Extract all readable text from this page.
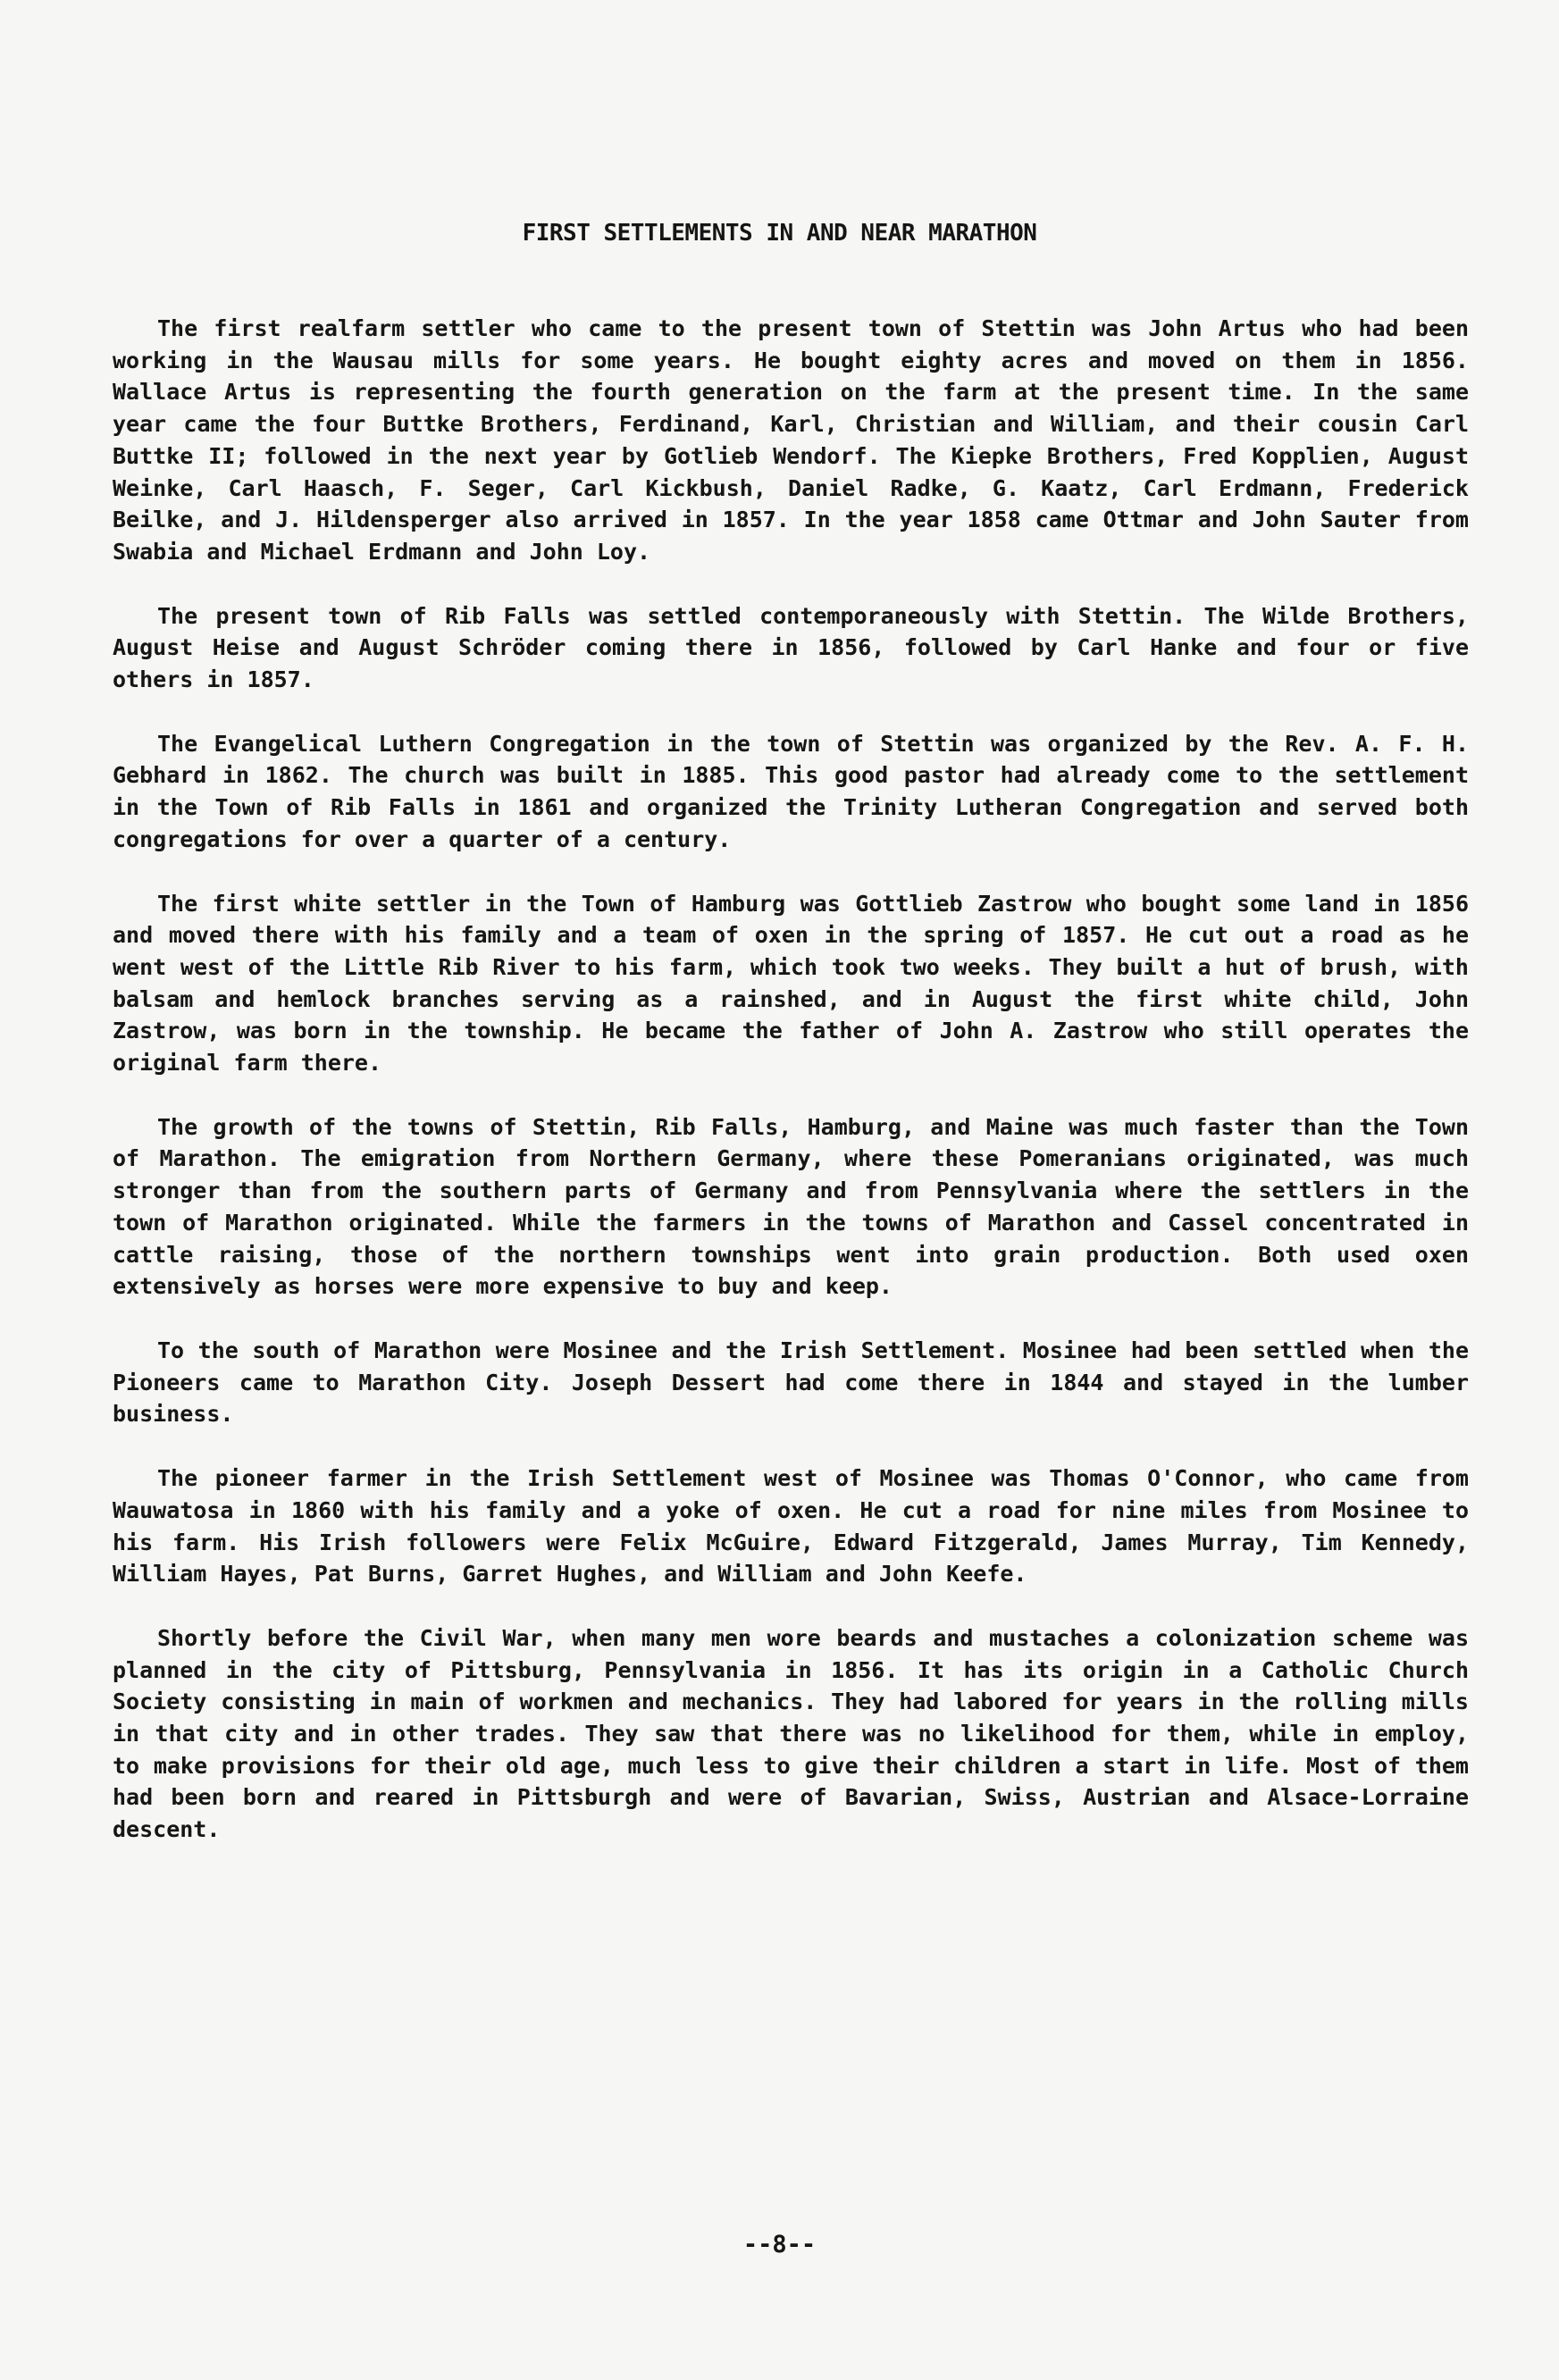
FIRST SETTLEMENTS IN AND NEAR MARATHON

The first realfarm settler who came to the present town of Stettin was John Artus who had been working in the Wausau mills for some years. He bought eighty acres and moved on them in 1856. Wallace Artus is representing the fourth generation on the farm at the present time. In the same year came the four Buttke Brothers, Ferdinand, Karl, Christian and William, and their cousin Carl Buttke II; followed in the next year by Gotlieb Wendorf. The Kiepke Brothers, Fred Kopplien, August Weinke, Carl Haasch, F. Seger, Carl Kickbush, Daniel Radke, G. Kaatz, Carl Erdmann, Frederick Beilke, and J. Hildensperger also arrived in 1857. In the year 1858 came Ottmar and John Sauter from Swabia and Michael Erdmann and John Loy.

The present town of Rib Falls was settled contemporaneously with Stettin. The Wilde Brothers, August Heise and August Schröder coming there in 1856, followed by Carl Hanke and four or five others in 1857.

The Evangelical Luthern Congregation in the town of Stettin was organized by the Rev. A. F. H. Gebhard in 1862. The church was built in 1885. This good pastor had already come to the settlement in the Town of Rib Falls in 1861 and organized the Trinity Lutheran Congregation and served both congregations for over a quarter of a century.

The first white settler in the Town of Hamburg was Gottlieb Zastrow who bought some land in 1856 and moved there with his family and a team of oxen in the spring of 1857. He cut out a road as he went west of the Little Rib River to his farm, which took two weeks. They built a hut of brush, with balsam and hemlock branches serving as a rainshed, and in August the first white child, John Zastrow, was born in the township. He became the father of John A. Zastrow who still operates the original farm there.

The growth of the towns of Stettin, Rib Falls, Hamburg, and Maine was much faster than the Town of Marathon. The emigration from Northern Germany, where these Pomeranians originated, was much stronger than from the southern parts of Germany and from Pennsylvania where the settlers in the town of Marathon originated. While the farmers in the towns of Marathon and Cassel concentrated in cattle raising, those of the northern townships went into grain production. Both used oxen extensively as horses were more expensive to buy and keep.

To the south of Marathon were Mosinee and the Irish Settlement. Mosinee had been settled when the Pioneers came to Marathon City. Joseph Dessert had come there in 1844 and stayed in the lumber business.

The pioneer farmer in the Irish Settlement west of Mosinee was Thomas O'Connor, who came from Wauwatosa in 1860 with his family and a yoke of oxen. He cut a road for nine miles from Mosinee to his farm. His Irish followers were Felix McGuire, Edward Fitzgerald, James Murray, Tim Kennedy, William Hayes, Pat Burns, Garret Hughes, and William and John Keefe.

Shortly before the Civil War, when many men wore beards and mustaches a colonization scheme was planned in the city of Pittsburg, Pennsylvania in 1856. It has its origin in a Catholic Church Society consisting in main of workmen and mechanics. They had labored for years in the rolling mills in that city and in other trades. They saw that there was no likelihood for them, while in employ, to make provisions for their old age, much less to give their children a start in life. Most of them had been born and reared in Pittsburgh and were of Bavarian, Swiss, Austrian and Alsace-Lorraine descent.

--8--
